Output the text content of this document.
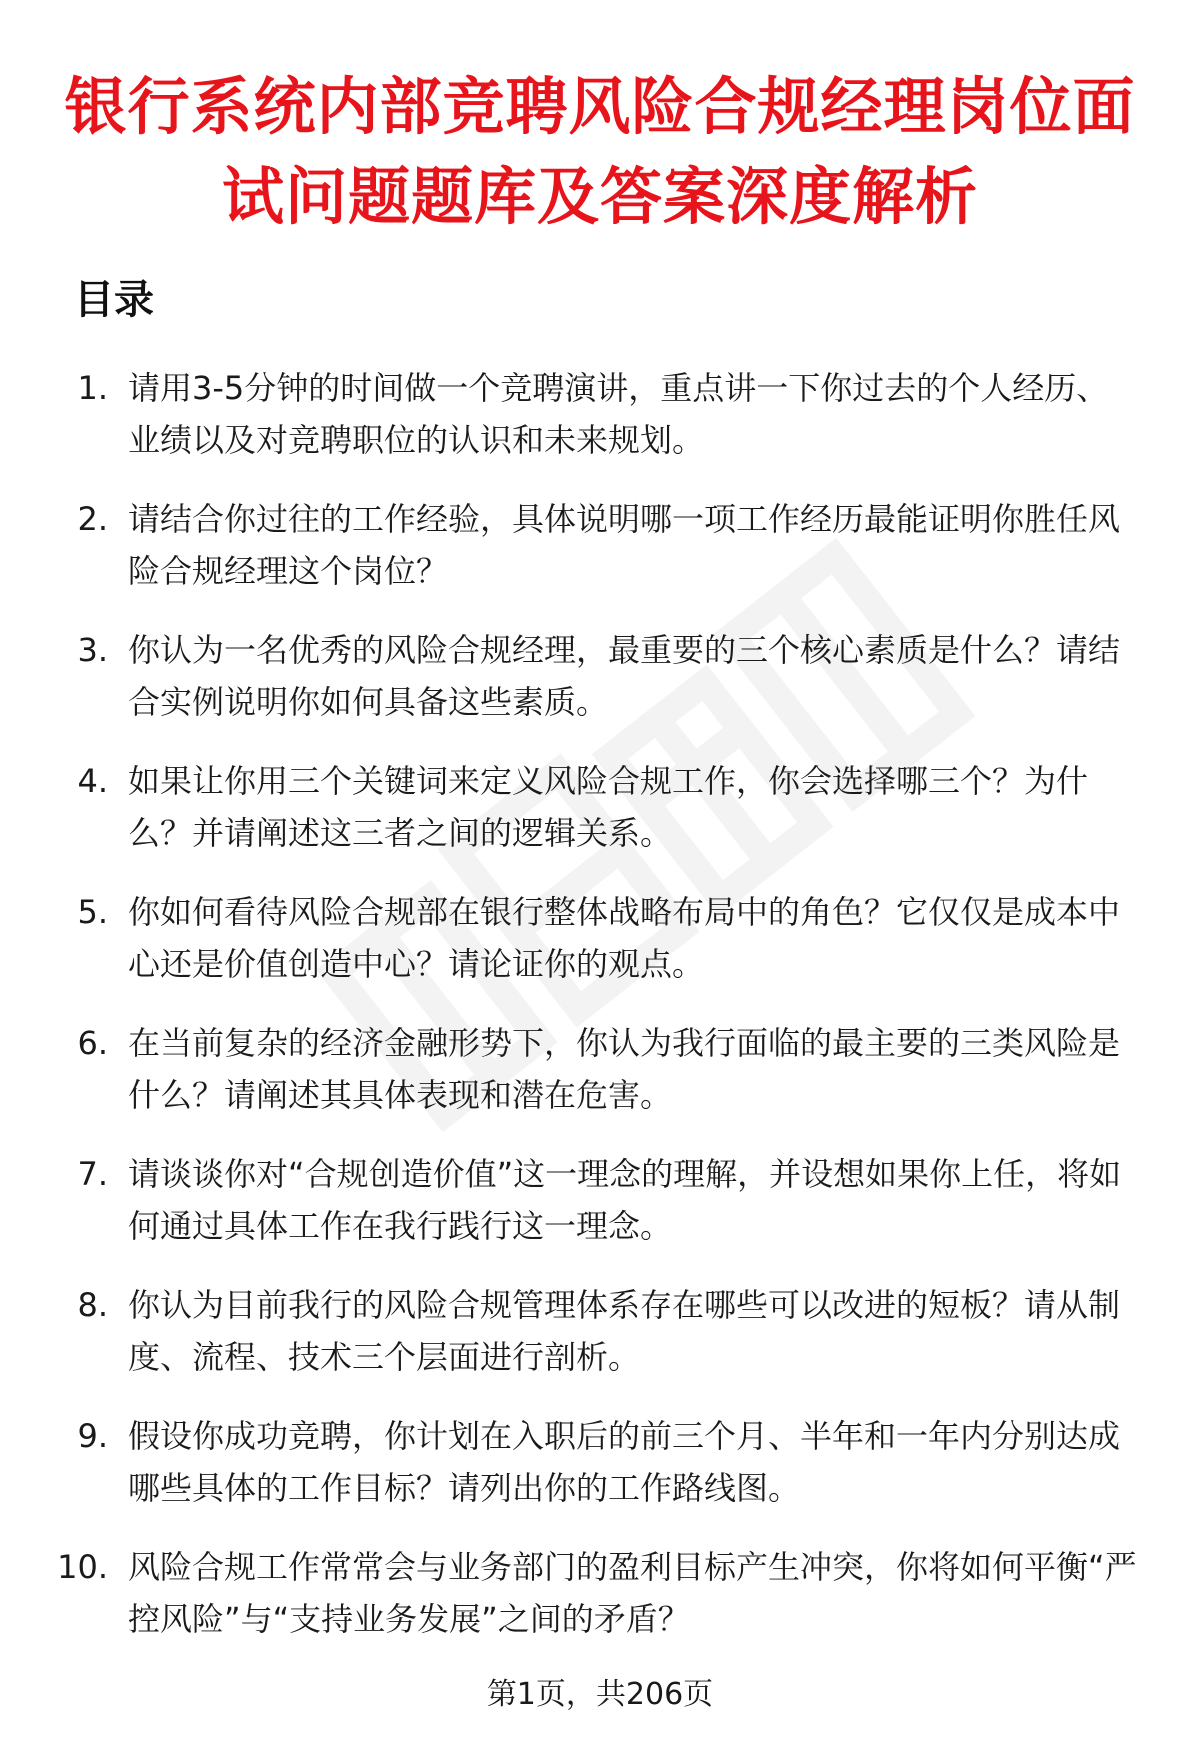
银行系统内部竞聘风险合规经理岗位面试问题题库及答案深度解析
目录
1. 请用3-5分钟的时间做一个竞聘演讲，重点讲一下你过去的个人经历、业绩以及对竞聘职位的认识和未来规划。
2. 请结合你过往的工作经验，具体说明哪一项工作经历最能证明你胜任风险合规经理这个岗位？
3. 你认为一名优秀的风险合规经理，最重要的三个核心素质是什么？请结合实例说明你如何具备这些素质。
4. 如果让你用三个关键词来定义风险合规工作，你会选择哪三个？为什么？并请阐述这三者之间的逻辑关系。
5. 你如何看待风险合规部在银行整体战略布局中的角色？它仅仅是成本中心还是价值创造中心？请论证你的观点。
6. 在当前复杂的经济金融形势下，你认为我行面临的最主要的三类风险是什么？请阐述其具体表现和潜在危害。
7. 请谈谈你对“合规创造价值”这一理念的理解，并设想如果你上任，将如何通过具体工作在我行践行这一理念。
8. 你认为目前我行的风险合规管理体系存在哪些可以改进的短板？请从制度、流程、技术三个层面进行剖析。
9. 假设你成功竞聘，你计划在入职后的前三个月、半年和一年内分别达成哪些具体的工作目标？请列出你的工作路线图。
10. 风险合规工作常常会与业务部门的盈利目标产生冲突，你将如何平衡“严控风险”与“支持业务发展”之间的矛盾？
第1页，共206页
